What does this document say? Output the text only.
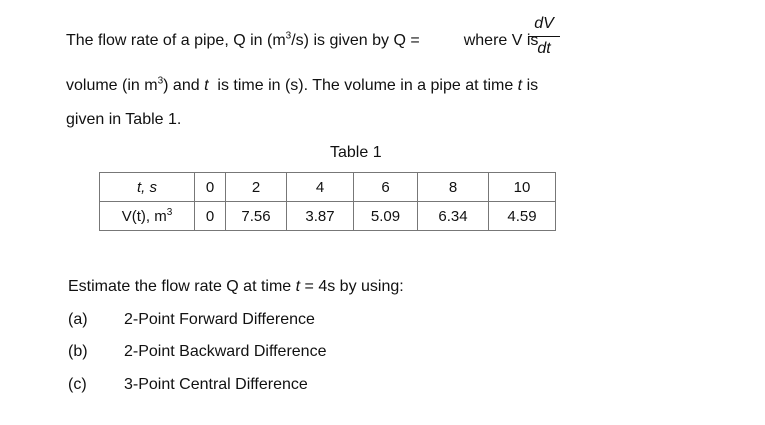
The flow rate of a pipe, Q in $(m^3/s)$ is given by Q =	where V is
dV
dt
volume (in $m^3$) and t  is time in (s). The volume in a pipe at time t is
given in Table 1.
Table 1
t, s	0	2	4	6	8	10
V(t), $m^3$	0	7.56	3.87	5.09	6.34	4.59
Estimate the flow rate Q at time t = 4s by using:
(a) 2-Point Forward Difference
(b) 2-Point Backward Difference
(c) 3-Point Central Difference
